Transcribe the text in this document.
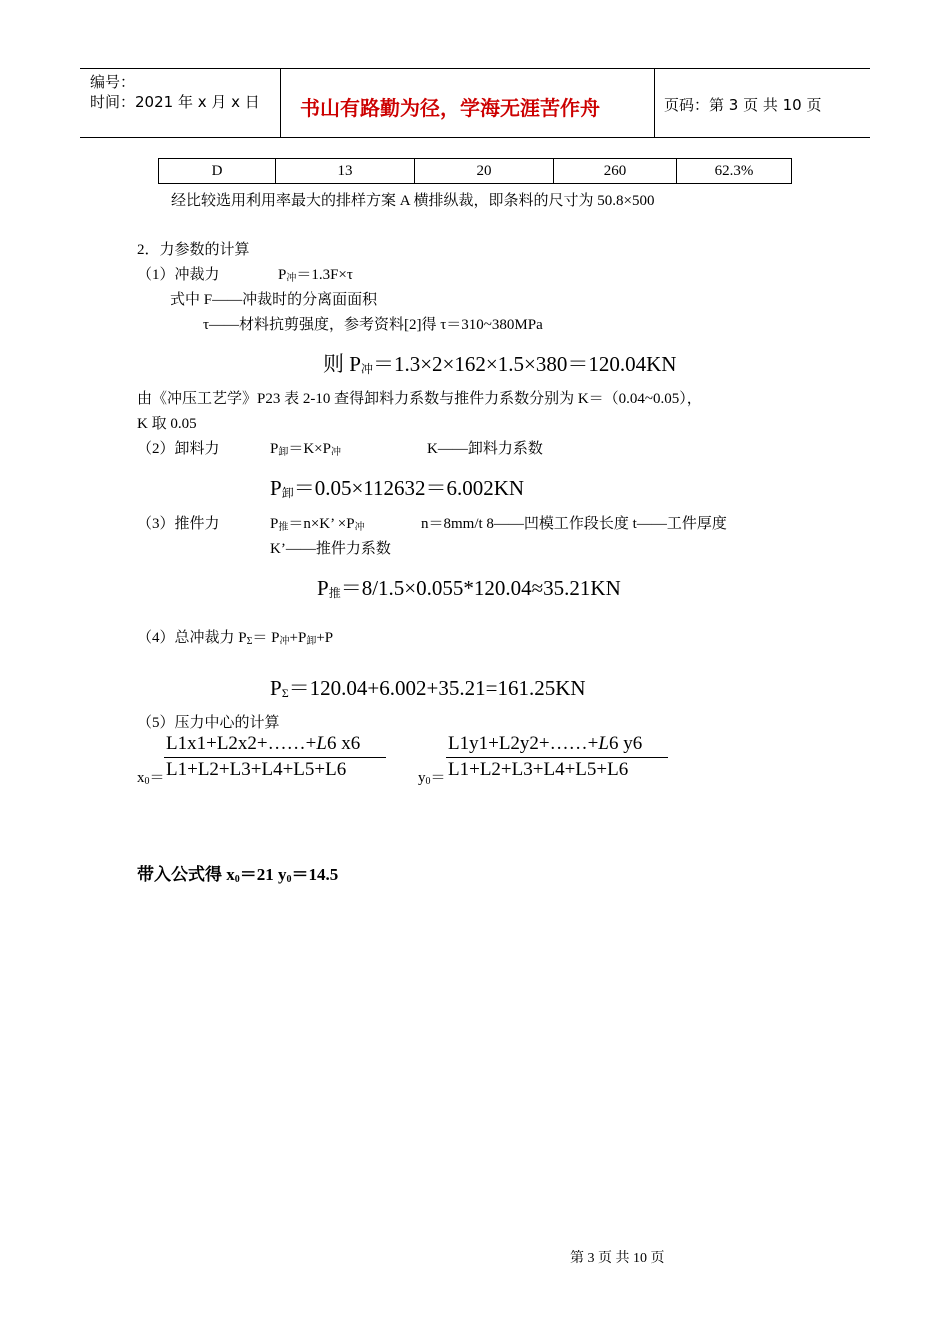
编号：
时间：2021 年 x 月 x 日 书山有路勤为径，学海无涯苦作舟	页码：第 3 页 共 10 页
D	13	20	260	62.3%
经比较选用利用率最大的排样方案 A 横排纵裁，即条料的尺寸为 50.8×500
2．力参数的计算
（1）冲裁力	P冲＝1.3F×τ
式中 F——冲裁时的分离面面积
τ——材料抗剪强度，参考资料[2]得 τ＝310~380MPa
则 P冲＝1.3×2×162×1.5×380＝120.04KN
由《冲压工艺学》P23 表 2-10 查得卸料力系数与推件力系数分别为 K＝（0.04~0.05），
K 取 0.05
（2）卸料力	P卸＝K×P冲	K——卸料力系数
P卸＝0.05×112632＝6.002KN
（3）推件力	P推＝n×K’ ×P冲	n＝8mm/t 8——凹模工作段长度 t——工件厚度
K’——推件力系数
P推＝8/1.5×0.055*120.04≈35.21KN
（4）总冲裁力 $P_\Sigma= P$冲+P卸+P
$P_\Sigma=120.04+6.002+35.21=161.25KN$
（5）压力中心的计算
$x_0=$
L1x1+L2x2+……+L6 x6
L1+L2+L3+L4+L5+L6	$y_0=$
L1y1+L2y2+……+L6 y6
L1+L2+L3+L4+L5+L6
带入公式得 $x_0=21$ $y_0=14.5$
第 3 页 共 10 页
